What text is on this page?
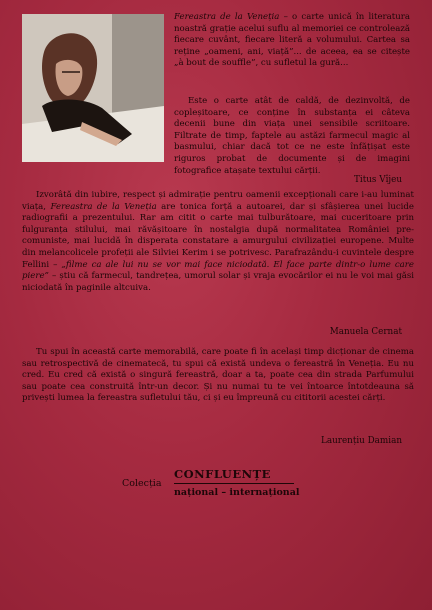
Fereastra de la Veneția – o carte unică în literatura noastră grație acelui suflu al memoriei ce controlează fiecare cuvânt, fiecare literă a volumului. Cartea sa reține „oameni, ani, viață”... de aceea, ea se citește „à bout de souffle”, cu sufletul la gură...

Este o carte atât de caldă, de dezinvoltă, de copleșitoare, ce conține în substanța ei câteva decenii bune din viața unei sensibile scriitoare. Filtrate de timp, faptele au astăzi farmecul magic al basmului, chiar dacă tot ce ne este înfățișat este riguros probat de documente și de imagini fotografice atașate textului cărții.

Titus Vîjeu

Izvorâtă din iubire, respect și admirație pentru oamenii excepționali care i-au luminat viața, Fereastra de la Veneția are tonica forță a autoarei, dar și sfâșierea unei lucide radiografii a prezentului. Rar am citit o carte mai tulburătoare, mai cuceritoare prin fulguranța stilului, mai răvășitoare în nostalgia după normalitatea României pre-comuniste, mai lucidă în disperata constatare a amurgului civilizației europene. Multe din melancolicele profeții ale Silviei Kerim i se potrivesc. Parafrazându-i cuvintele despre Fellini – „filme ca ale lui nu se vor mai face niciodată. El face parte dintr-o lume care piere” – știu că farmecul, tandrețea, umorul solar și vraja evocărilor ei nu le voi mai găsi niciodată în paginile altcuiva.

Manuela Cernat

Tu spui în această carte memorabilă, care poate fi în același timp dicționar de cinema sau retrospectivă de cinematecă, tu spui că există undeva o fereastră în Veneția. Eu nu cred. Eu cred că există o singură fereastră, doar a ta, poate cea din strada Parfumului sau poate cea construită într-un decor. Și nu numai tu te vei întoarce întotdeauna să privești lumea la fereastra sufletului tău, ci și eu împreună cu cititorii acestei cărți.

Laurențiu Damian

Colecția
CONFLUENȚE
național – internațional
